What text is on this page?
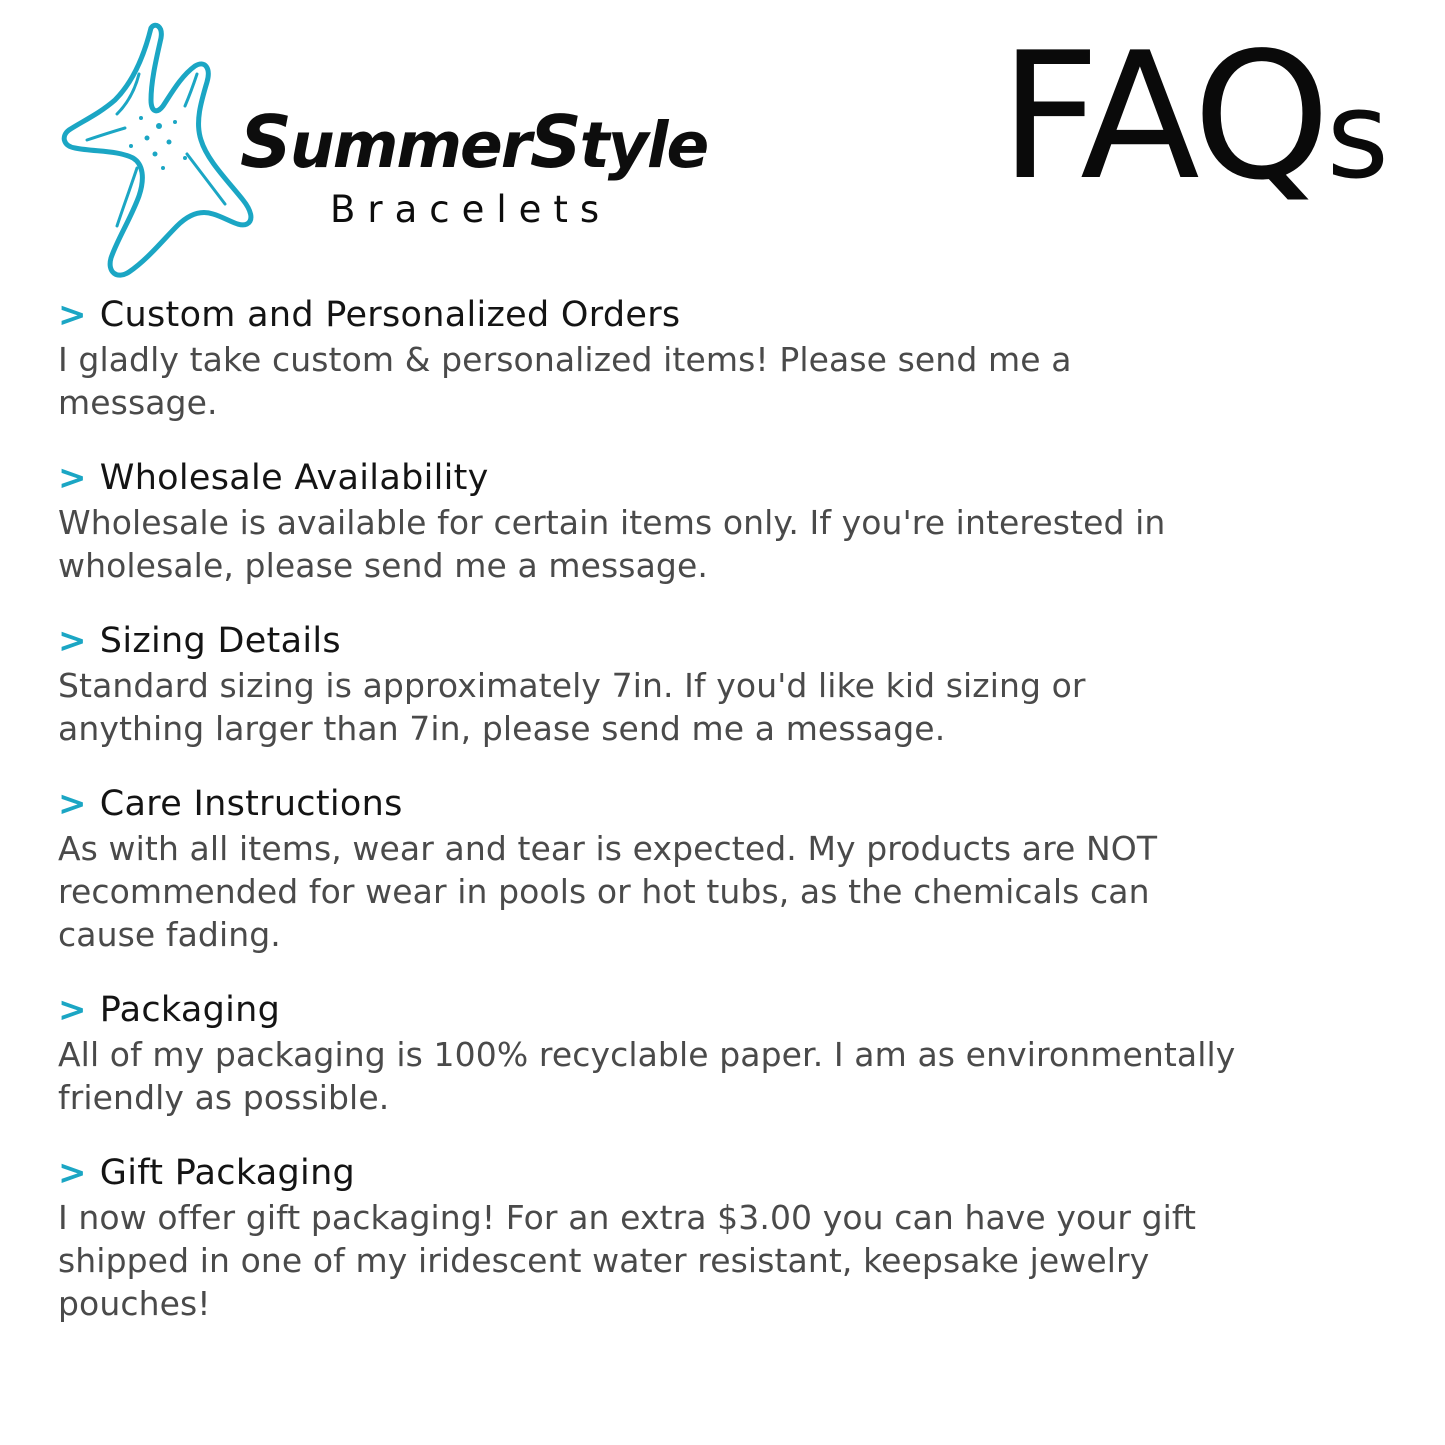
SummerStyle
Bracelets FAQs
> Custom and Personalized Orders
I gladly take custom & personalized items! Please send me a message.
> Wholesale Availability
Wholesale is available for certain items only. If you're interested in wholesale, please send me a message.
> Sizing Details
Standard sizing is approximately 7in. If you'd like kid sizing or anything larger than 7in, please send me a message.
> Care Instructions
As with all items, wear and tear is expected. My products are NOT recommended for wear in pools or hot tubs, as the chemicals can cause fading.
> Packaging
All of my packaging is 100% recyclable paper. I am as environmentally friendly as possible.
> Gift Packaging
I now offer gift packaging! For an extra $3.00 you can have your gift shipped in one of my iridescent water resistant, keepsake jewelry pouches!
